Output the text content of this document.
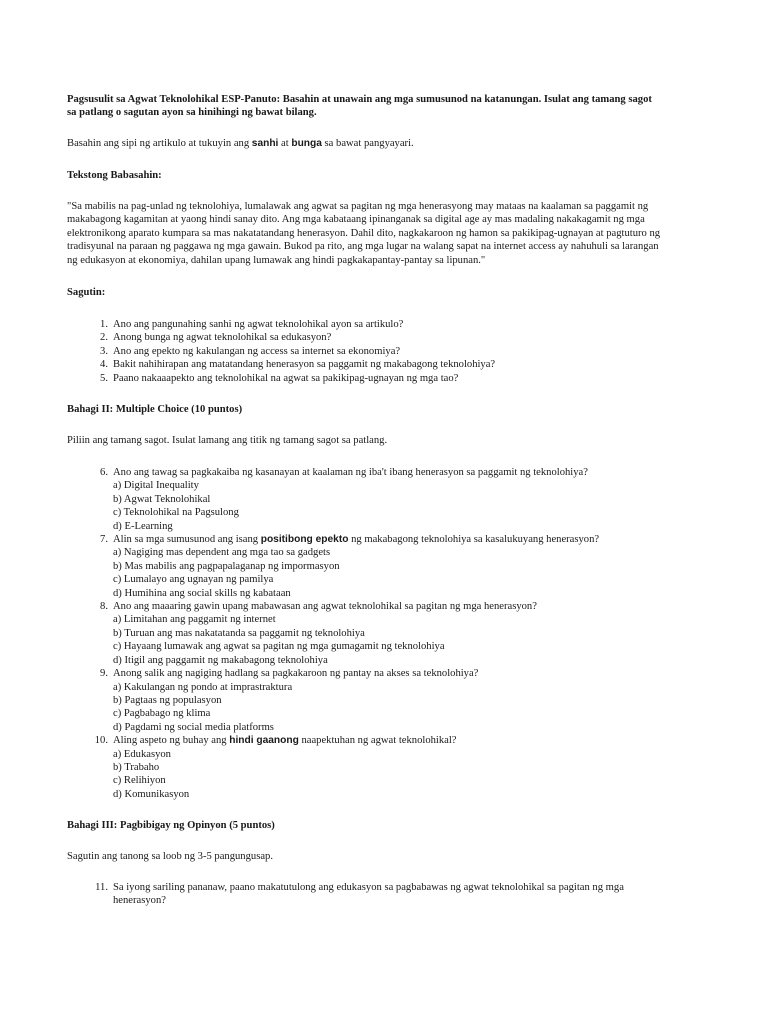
Pagsusulit sa Agwat Teknolohikal ESP-Panuto: Basahin at unawain ang mga sumusunod na katanungan. Isulat ang tamang sagot
sa patlang o sagutan ayon sa hinihingi ng bawat bilang.
Basahin ang sipi ng artikulo at tukuyin ang sanhi at bunga sa bawat pangyayari.
Tekstong Babasahin:
"Sa mabilis na pag-unlad ng teknolohiya, lumalawak ang agwat sa pagitan ng mga henerasyong may mataas na kaalaman sa paggamit ng
makabagong kagamitan at yaong hindi sanay dito. Ang mga kabataang ipinanganak sa digital age ay mas madaling nakakagamit ng mga
elektronikong aparato kumpara sa mas nakatatandang henerasyon. Dahil dito, nagkakaroon ng hamon sa pakikipag-ugnayan at pagtuturo ng
tradisyunal na paraan ng paggawa ng mga gawain. Bukod pa rito, ang mga lugar na walang sapat na internet access ay nahuhuli sa larangan
ng edukasyon at ekonomiya, dahilan upang lumawak ang hindi pagkakapantay-pantay sa lipunan."
Sagutin:
1. Ano ang pangunahing sanhi ng agwat teknolohikal ayon sa artikulo?
2. Anong bunga ng agwat teknolohikal sa edukasyon?
3. Ano ang epekto ng kakulangan ng access sa internet sa ekonomiya?
4. Bakit nahihirapan ang matatandang henerasyon sa paggamit ng makabagong teknolohiya?
5. Paano nakaaapekto ang teknolohikal na agwat sa pakikipag-ugnayan ng mga tao?
Bahagi II: Multiple Choice (10 puntos)
Piliin ang tamang sagot. Isulat lamang ang titik ng tamang sagot sa patlang.
6. Ano ang tawag sa pagkakaiba ng kasanayan at kaalaman ng iba't ibang henerasyon sa paggamit ng teknolohiya?
a) Digital Inequality
b) Agwat Teknolohikal
c) Teknolohikal na Pagsulong
d) E-Learning
7. Alin sa mga sumusunod ang isang positibong epekto ng makabagong teknolohiya sa kasalukuyang henerasyon?
a) Nagiging mas dependent ang mga tao sa gadgets
b) Mas mabilis ang pagpapalaganap ng impormasyon
c) Lumalayo ang ugnayan ng pamilya
d) Humihina ang social skills ng kabataan
8. Ano ang maaaring gawin upang mabawasan ang agwat teknolohikal sa pagitan ng mga henerasyon?
a) Limitahan ang paggamit ng internet
b) Turuan ang mas nakatatanda sa paggamit ng teknolohiya
c) Hayaang lumawak ang agwat sa pagitan ng mga gumagamit ng teknolohiya
d) Itigil ang paggamit ng makabagong teknolohiya
9. Anong salik ang nagiging hadlang sa pagkakaroon ng pantay na akses sa teknolohiya?
a) Kakulangan ng pondo at imprastraktura
b) Pagtaas ng populasyon
c) Pagbabago ng klima
d) Pagdami ng social media platforms
10. Aling aspeto ng buhay ang hindi gaanong naapektuhan ng agwat teknolohikal?
a) Edukasyon
b) Trabaho
c) Relihiyon
d) Komunikasyon
Bahagi III: Pagbibigay ng Opinyon (5 puntos)
Sagutin ang tanong sa loob ng 3-5 pangungusap.
11. Sa iyong sariling pananaw, paano makatutulong ang edukasyon sa pagbabawas ng agwat teknolohikal sa pagitan ng mga
henerasyon?
